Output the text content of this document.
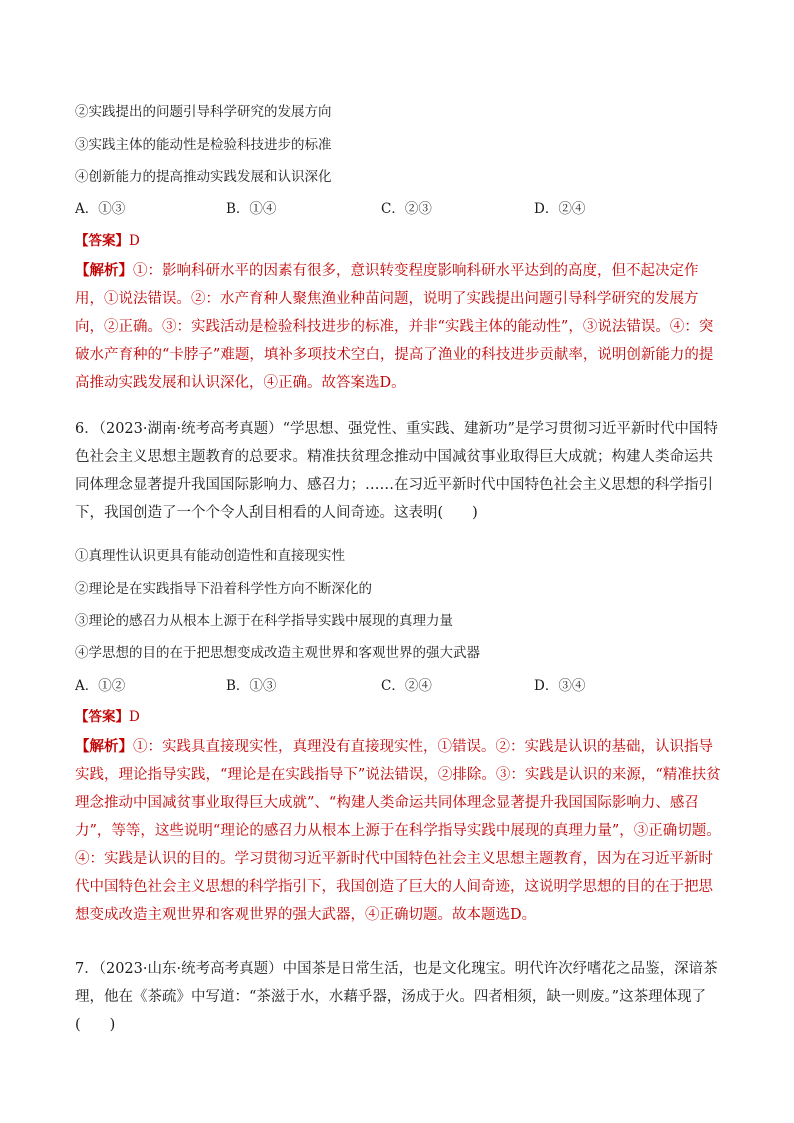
②实践提出的问题引导科学研究的发展方向
③实践主体的能动性是检验科技进步的标准
④创新能力的提高推动实践发展和认识深化
A．①③	B．①④	C．②③	D．②④
【答案】D
【解析】①：影响科研水平的因素有很多，意识转变程度影响科研水平达到的高度，但不起决定作用，①说法错误。②：水产育种人聚焦渔业种苗问题，说明了实践提出问题引导科学研究的发展方向，②正确。③：实践活动是检验科技进步的标准，并非“实践主体的能动性”，③说法错误。④：突破水产育种的“卡脖子”难题，填补多项技术空白，提高了渔业的科技进步贡献率，说明创新能力的提高推动实践发展和认识深化，④正确。故答案选D。
6．（2023·湖南·统考高考真题）“学思想、强党性、重实践、建新功”是学习贯彻习近平新时代中国特色社会主义思想主题教育的总要求。精准扶贫理念推动中国减贫事业取得巨大成就；构建人类命运共同体理念显著提升我国国际影响力、感召力；……在习近平新时代中国特色社会主义思想的科学指引下，我国创造了一个个令人刮目相看的人间奇迹。这表明(　　)
①真理性认识更具有能动创造性和直接现实性
②理论是在实践指导下沿着科学性方向不断深化的
③理论的感召力从根本上源于在科学指导实践中展现的真理力量
④学思想的目的在于把思想变成改造主观世界和客观世界的强大武器
A．①②	B．①③	C．②④	D．③④
【答案】D
【解析】①：实践具直接现实性，真理没有直接现实性，①错误。②：实践是认识的基础，认识指导实践，理论指导实践，“理论是在实践指导下”说法错误，②排除。③：实践是认识的来源，“精准扶贫理念推动中国减贫事业取得巨大成就”、“构建人类命运共同体理念显著提升我国国际影响力、感召力”，等等，这些说明“理论的感召力从根本上源于在科学指导实践中展现的真理力量”，③正确切题。④：实践是认识的目的。学习贯彻习近平新时代中国特色社会主义思想主题教育，因为在习近平新时代中国特色社会主义思想的科学指引下，我国创造了巨大的人间奇迹，这说明学思想的目的在于把思想变成改造主观世界和客观世界的强大武器，④正确切题。故本题选D。
7．（2023·山东·统考高考真题）中国茶是日常生活，也是文化瑰宝。明代许次纾嗜花之品鉴，深谙茶理，他在《茶疏》中写道：“茶滋于水，水藉乎器，汤成于火。四者相须，缺一则废。”这茶理体现了(　　)
